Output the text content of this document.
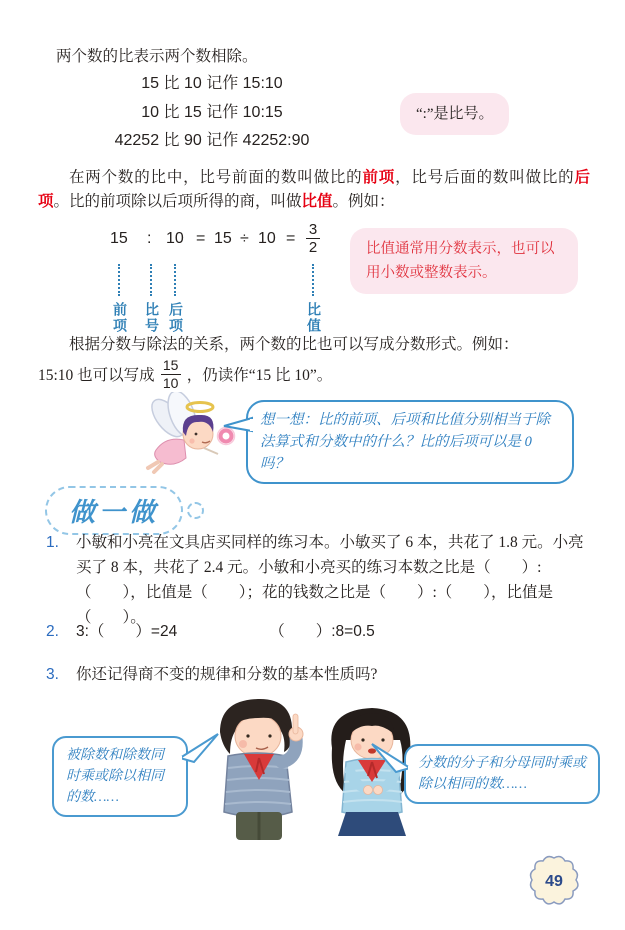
两个数的比表示两个数相除。
15 比 10 记作 15:10
10 比 15 记作 10:15
42252 比 90 记作 42252:90
“:”是比号。
在两个数的比中，比号前面的数叫做比的前项，比号后面的数叫做比的后项。比的前项除以后项所得的商，叫做比值。例如：
15 : 10 = 15 ÷ 10 =
3
2
前项 比号 后项	比值
比值通常用分数表示，也可以用小数或整数表示。
根据分数与除法的关系，两个数的比也可以写成分数形式。例如：
15:10 也可以写成
15
10 ，仍读作“15 比 10”。
想一想：比的前项、后项和比值分别相当于除法算式和分数中的什么？比的后项可以是 0 吗？
做一做
1.	小敏和小亮在文具店买同样的练习本。小敏买了 6 本，共花了 1.8 元。小亮买了 8 本，共花了 2.4 元。小敏和小亮买的练习本数之比是（　　）:（　　），比值是（　　）；花的钱数之比是（　　）:（　　），比值是（　　）。
2.	3:（　　）=24	（　　）:8=0.5
3.	你还记得商不变的规律和分数的基本性质吗?
被除数和除数同时乘或除以相同的数……
分数的分子和分母同时乘或除以相同的数……
49
